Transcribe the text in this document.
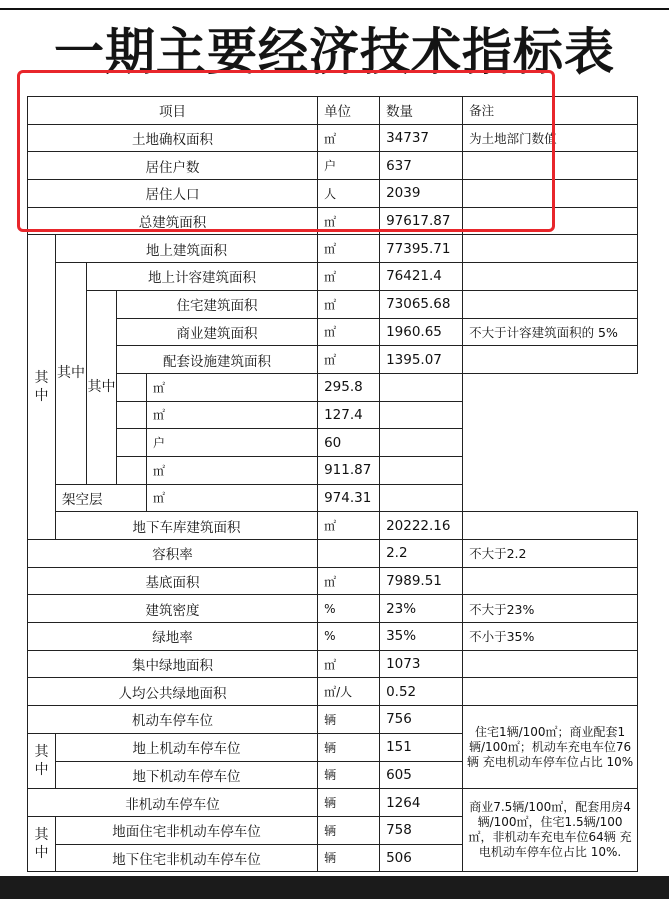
一期主要经济技术指标表
项目					单位	数量	备注
土地确权面积					㎡	34737	为土地部门数值
居住户数					户	637	
居住人口					人	2039	
总建筑面积					㎡	97617.87	
其中	地上建筑面积				㎡	77395.71	
	其中	地上计容建筑面积			㎡	76421.4	
		其中	住宅建筑面积		㎡	73065.68	
			商业建筑面积		㎡	1960.65	不大于计容建筑面积的 5%
			配套设施建筑面积		㎡	1395.07	
	㎡	295.8		
	㎡	127.4		
	户	60		
	㎡	911.87		
	架空层			㎡	974.31		
	地下车库建筑面积				㎡	20222.16	
容积率						2.2	不大于2.2
基底面积					㎡	7989.51	
建筑密度					%	23%	不大于23%
绿地率					%	35%	不小于35%
集中绿地面积					㎡	1073	
人均公共绿地面积					㎡/人	0.52	
机动车停车位					辆	756	住宅1辆/100㎡；商业配套1辆/100㎡；机动车充电车位76辆 充电机动车停车位占比 10%
其中	地上机动车停车位				辆	151	
	地下机动车停车位				辆	605	
非机动车停车位					辆	1264	商业7.5辆/100㎡，配套用房4辆/100㎡，住宅1.5辆/100㎡，非机动车充电车位64辆 充电机动车停车位占比 10%.
其中	地面住宅非机动车停车位				辆	758	
	地下住宅非机动车停车位				辆	506	
